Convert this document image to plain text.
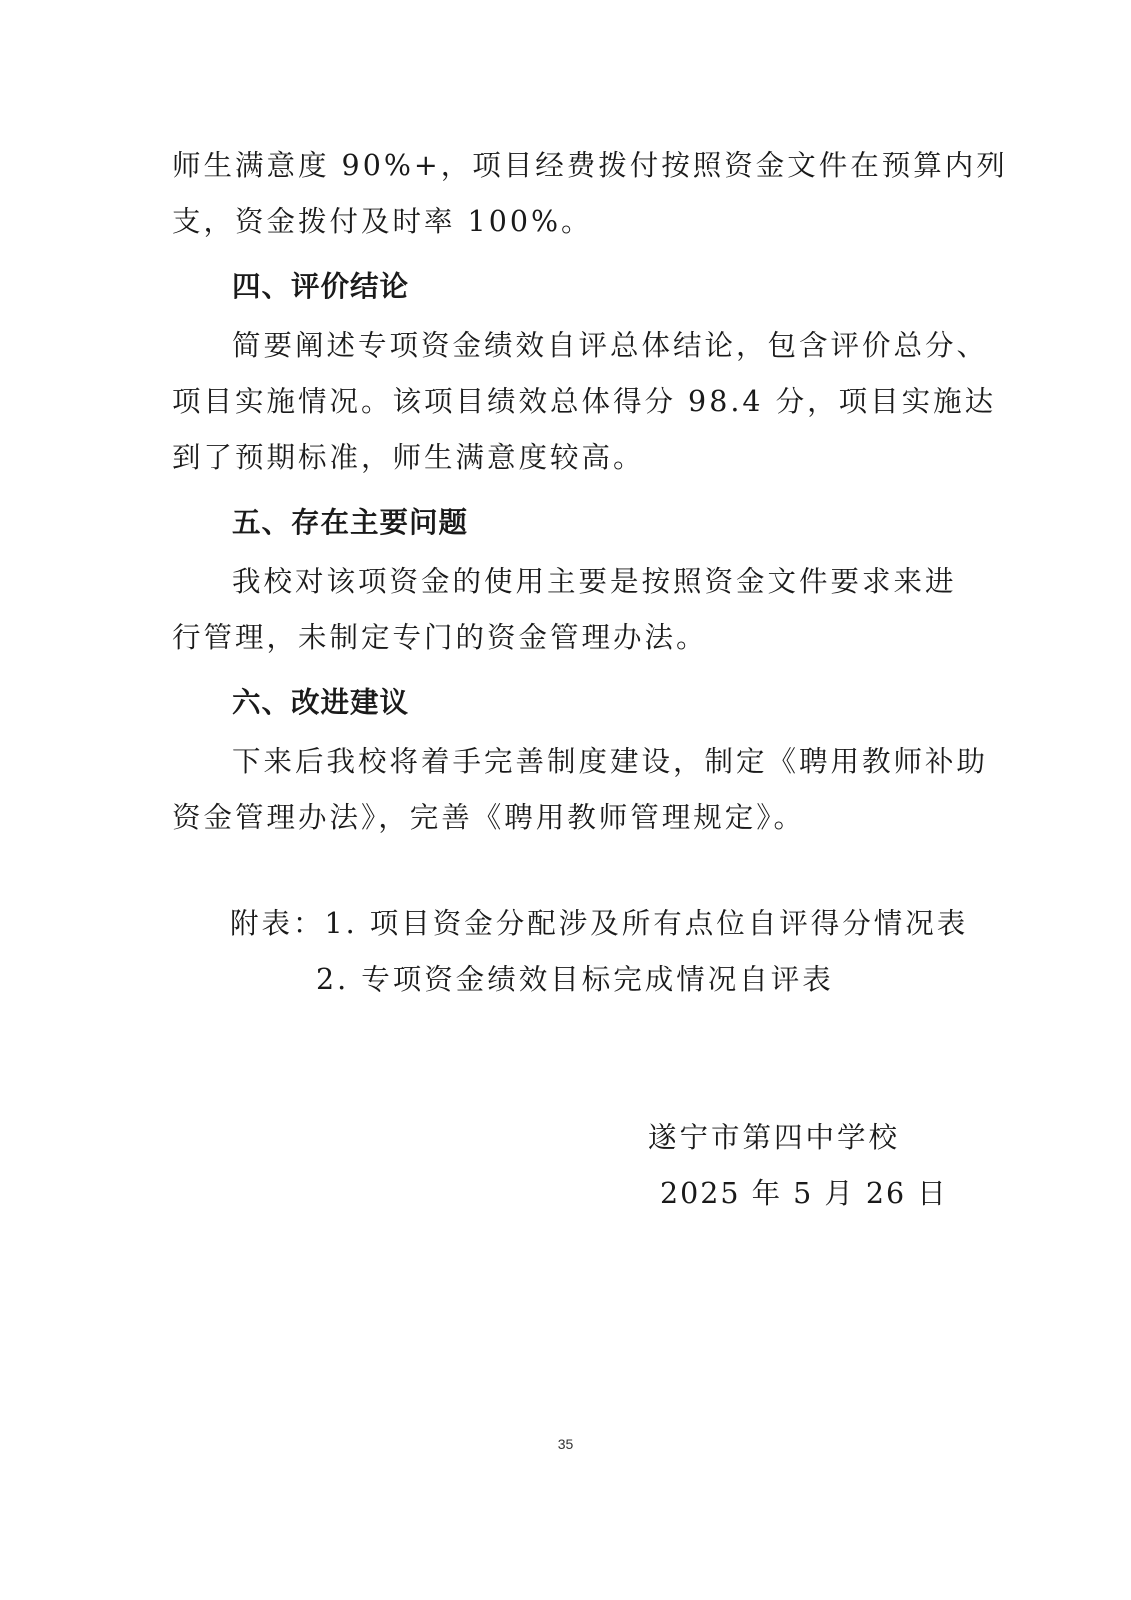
师生满意度 90%+，项目经费拨付按照资金文件在预算内列
支，资金拨付及时率 100%。
四、评价结论
简要阐述专项资金绩效自评总体结论，包含评价总分、
项目实施情况。该项目绩效总体得分 98.4 分，项目实施达
到了预期标准，师生满意度较高。
五、存在主要问题
我校对该项资金的使用主要是按照资金文件要求来进
行管理，未制定专门的资金管理办法。
六、改进建议
下来后我校将着手完善制度建设，制定《聘用教师补助
资金管理办法》，完善《聘用教师管理规定》。
附表：1. 项目资金分配涉及所有点位自评得分情况表
2. 专项资金绩效目标完成情况自评表
遂宁市第四中学校
2025 年 5 月 26 日
35
